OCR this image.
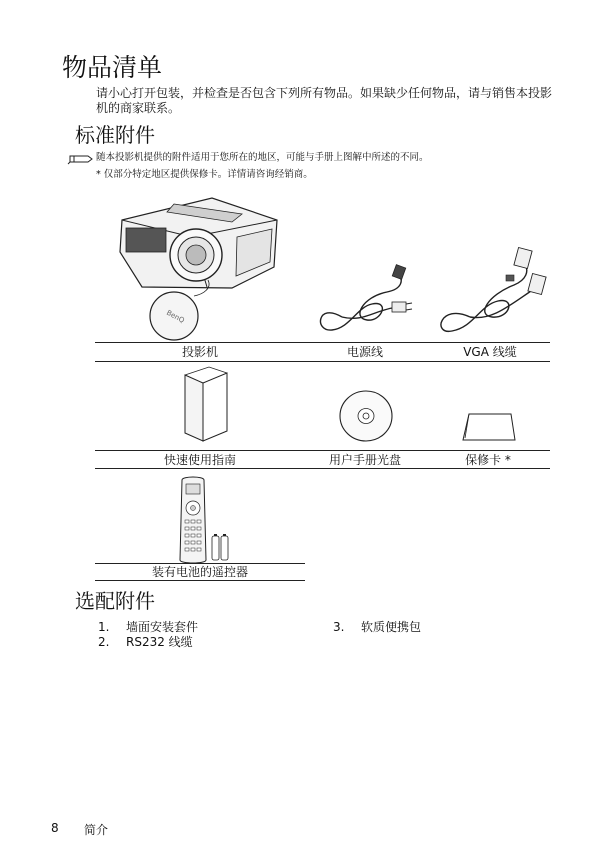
物品清单
请小心打开包装，并检查是否包含下列所有物品。如果缺少任何物品，请与销售本投影机的商家联系。
标准附件
随本投影机提供的附件适用于您所在的地区，可能与手册上图解中所述的不同。
* 仅部分特定地区提供保修卡。详情请咨询经销商。
BenQ
投影机	电源线	VGA 线缆
快速使用指南	用户手册光盘	保修卡 *
装有电池的遥控器
选配附件
1. 墙面安装套件
2. RS232 线缆
3. 软质便携包
8 简介
